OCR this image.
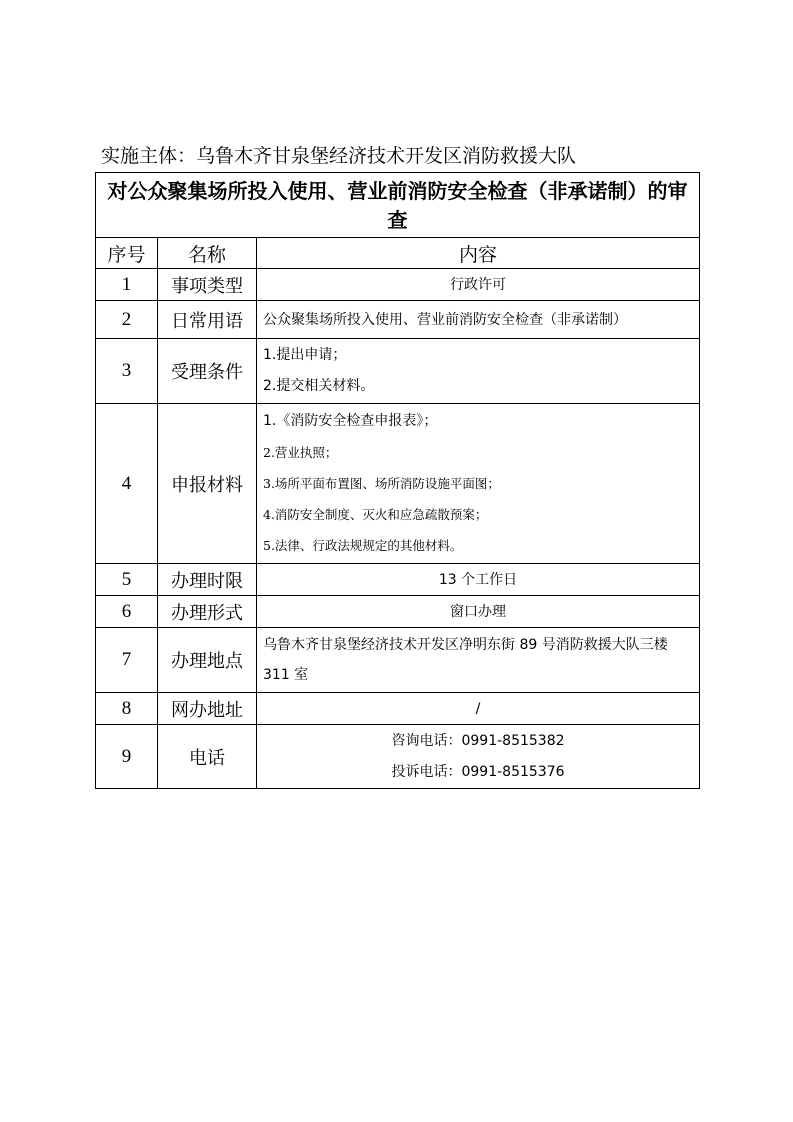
实施主体：乌鲁木齐甘泉堡经济技术开发区消防救援大队
对公众聚集场所投入使用、营业前消防安全检查（非承诺制）的审查		
序号	名称	内容
1	事项类型	行政许可
2	日常用语	公众聚集场所投入使用、营业前消防安全检查（非承诺制）
3	受理条件	1.提出申请；
2.提交相关材料。

4	申报材料	1.《消防安全检查申报表》；
2.营业执照；
3.场所平面布置图、场所消防设施平面图；
4.消防安全制度、灭火和应急疏散预案；
5.法律、行政法规规定的其他材料。

5	办理时限	13 个工作日
6	办理形式	窗口办理
7	办理地点	乌鲁木齐甘泉堡经济技术开发区净明东街 89 号消防救援大队三楼 311 室
8	网办地址	/
9	电话	咨询电话：0991-8515382
投诉电话：0991-8515376
